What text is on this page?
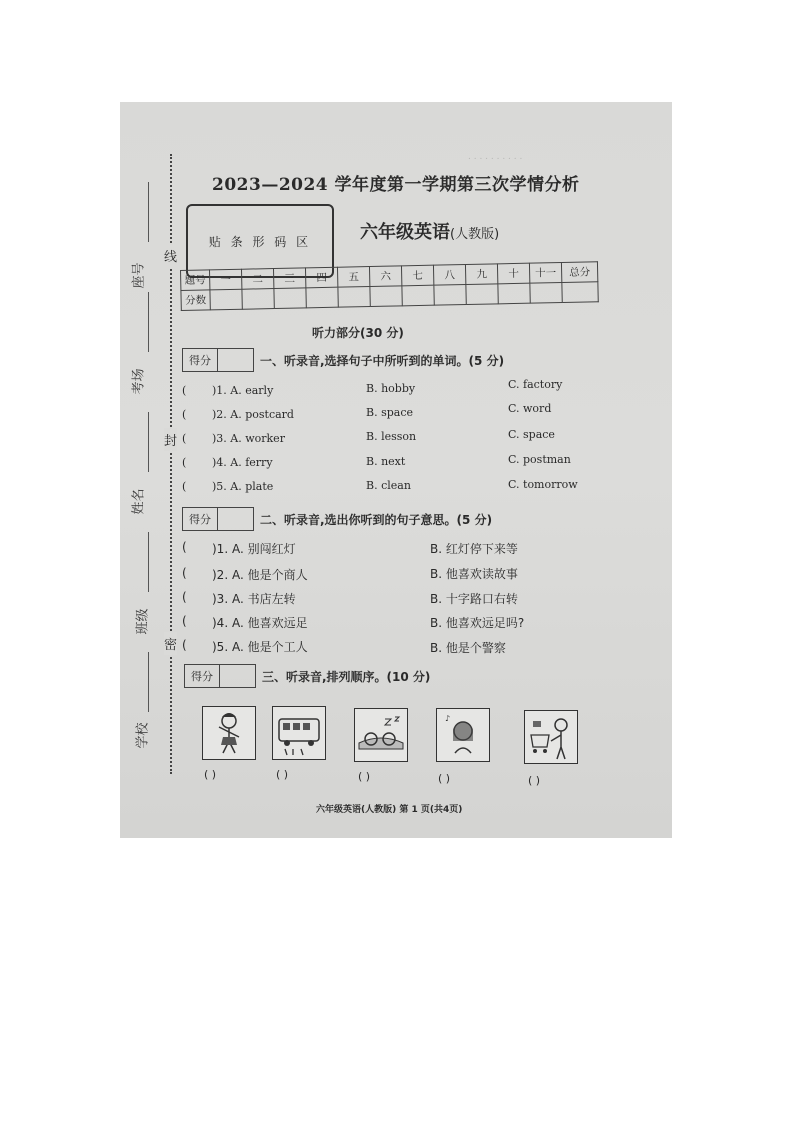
. . . . . . . . . .
座号
考场
姓名
班级
学校
线
封
密
2023—2024 学年度第一学期第三次学情分析
贴 条 形 码 区	六年级英语(人教版)
题号	一	二	三	四	五	六	七	八	九	十	十一	总分
分数												
听力部分(30 分)
得分	一、听录音,选择句子中所听到的单词。(5 分)
( )1. A. early	B. hobby	C. factory
( )2. A. postcard	B. space	C. word
( )3. A. worker	B. lesson	C. space
( )4. A. ferry	B. next	C. postman
( )5. A. plate	B. clean	C. tomorrow
得分	二、听录音,选出你听到的句子意思。(5 分)
( )1. A. 别闯红灯	B. 红灯停下来等
( )2. A. 他是个商人	B. 他喜欢读故事
( )3. A. 书店左转	B. 十字路口右转
( )4. A. 他喜欢远足	B. 他喜欢远足吗?
( )5. A. 他是个工人	B. 他是个警察
得分	三、听录音,排列顺序。(10 分)
♪
( )	( )	( )	( )	( )
六年级英语(人教版) 第 1 页(共4页)
